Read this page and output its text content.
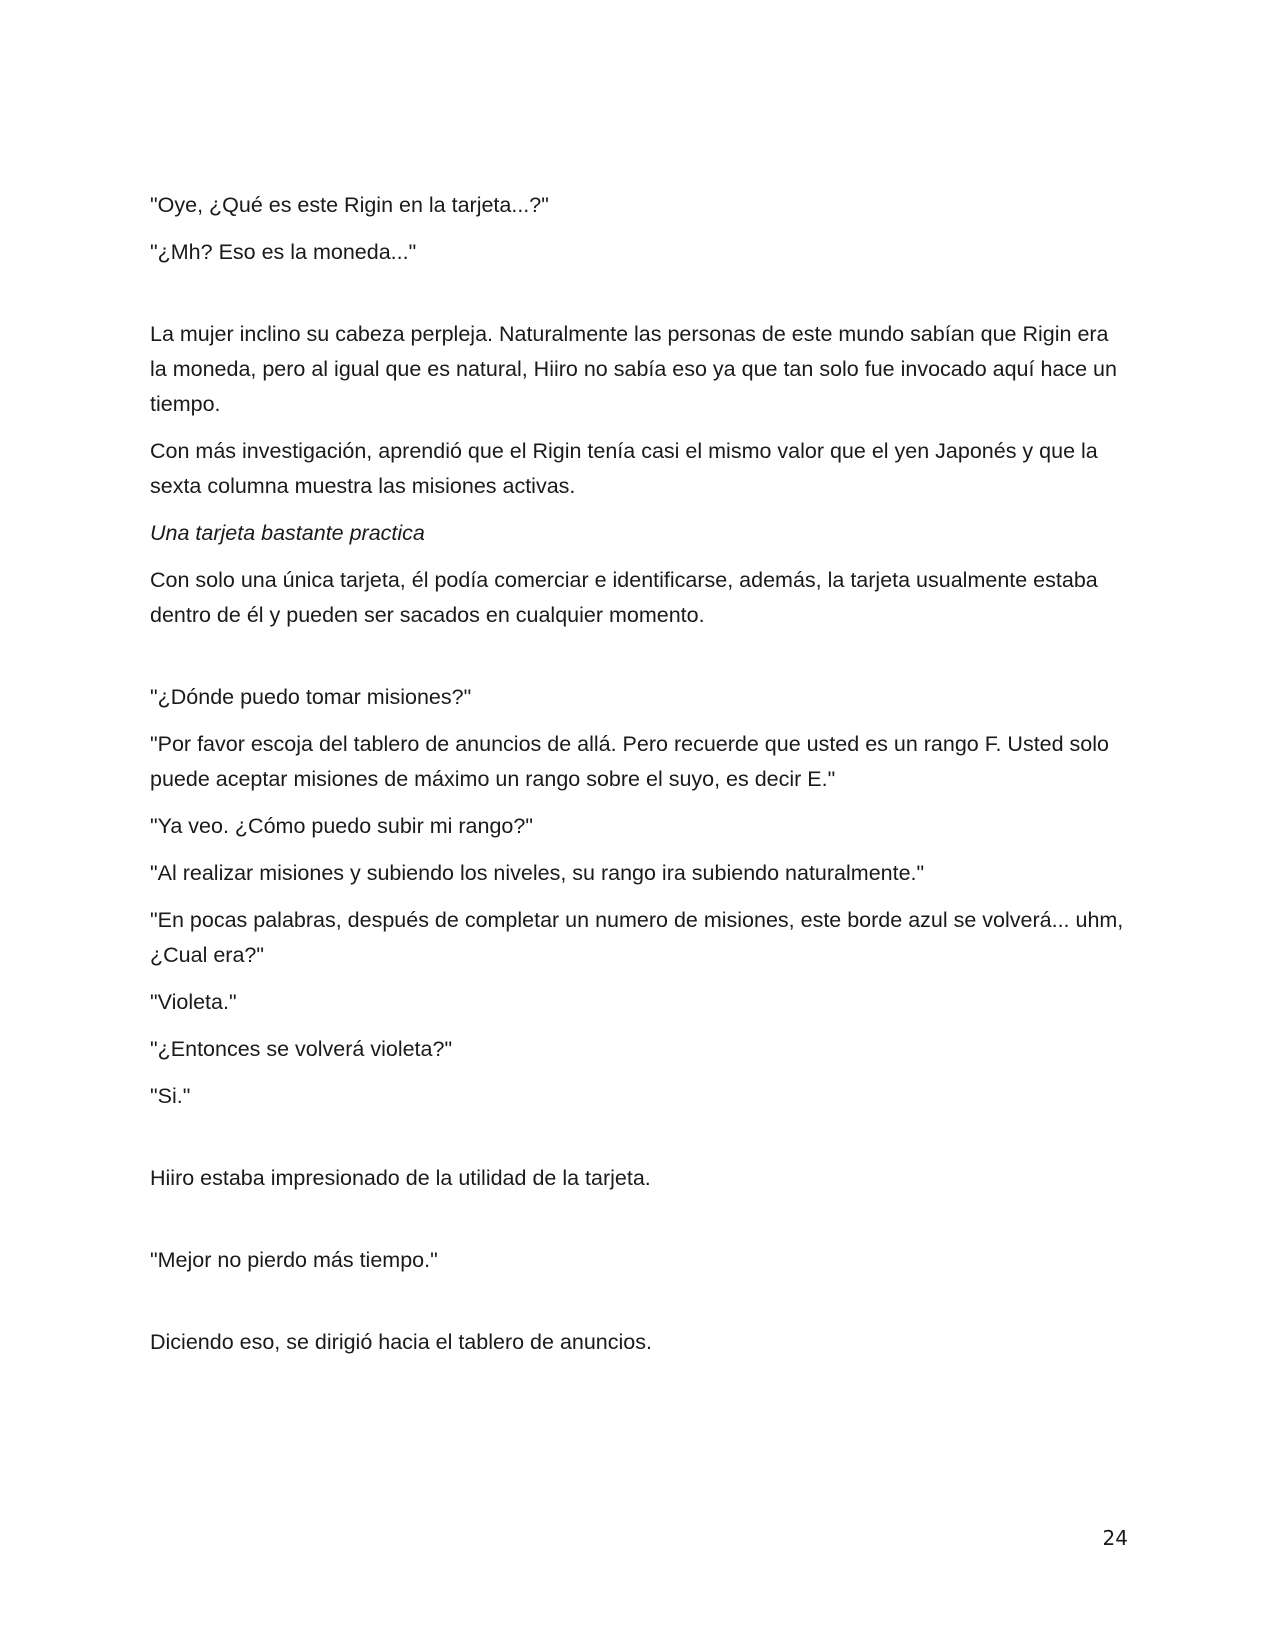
"Oye, ¿Qué es este Rigin en la tarjeta...?"

"¿Mh? Eso es la moneda..."

La mujer inclino su cabeza perpleja. Naturalmente las personas de este mundo sabían que Rigin era la moneda, pero al igual que es natural, Hiiro no sabía eso ya que tan solo fue invocado aquí hace un tiempo.

Con más investigación, aprendió que el Rigin tenía casi el mismo valor que el yen Japonés y que la sexta columna muestra las misiones activas.

Una tarjeta bastante practica

Con solo una única tarjeta, él podía comerciar e identificarse, además, la tarjeta usualmente estaba dentro de él y pueden ser sacados en cualquier momento.

"¿Dónde puedo tomar misiones?"

"Por favor escoja del tablero de anuncios de allá. Pero recuerde que usted es un rango F. Usted solo puede aceptar misiones de máximo un rango sobre el suyo, es decir E."

"Ya veo. ¿Cómo puedo subir mi rango?"

"Al realizar misiones y subiendo los niveles, su rango ira subiendo naturalmente."

"En pocas palabras, después de completar un numero de misiones, este borde azul se volverá... uhm, ¿Cual era?"

"Violeta."

"¿Entonces se volverá violeta?"

"Si."

Hiiro estaba impresionado de la utilidad de la tarjeta.

"Mejor no pierdo más tiempo."

Diciendo eso, se dirigió hacia el tablero de anuncios.

24
